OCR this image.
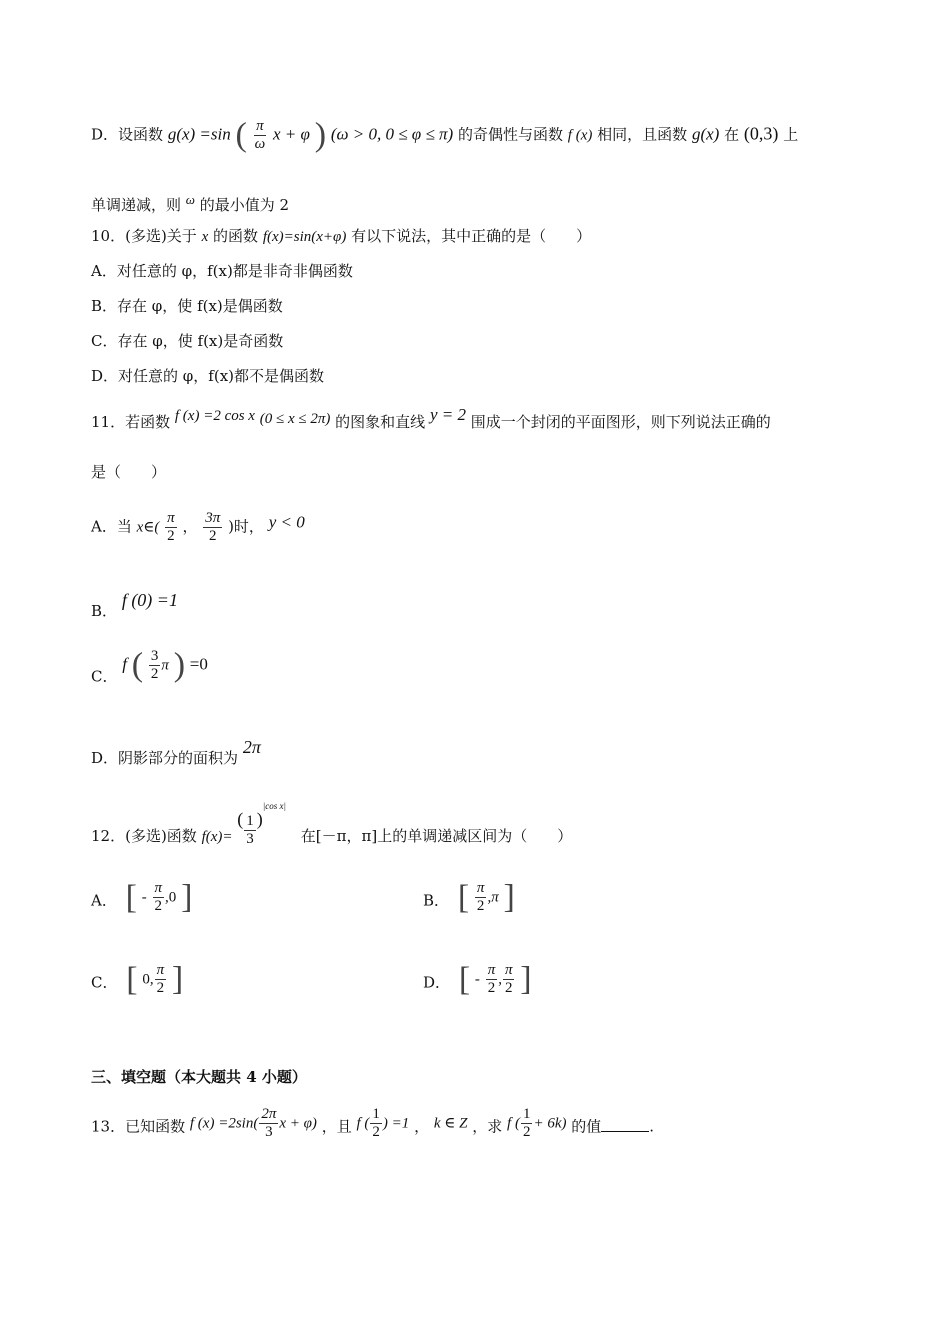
D．设函数 g(x) =sin ( $\frac{\pi}{\omega}$ x + φ ) (ω > 0, 0 ≤ φ ≤ π) 的奇偶性与函数 f (x) 相同，且函数 g(x) 在 (0,3) 上
单调递减，则 ω 的最小值为 2
10．(多选)关于 x 的函数 f(x)=sin(x+φ) 有以下说法，其中正确的是（　　）
A．对任意的 φ，f(x)都是非奇非偶函数
B．存在 φ，使 f(x)是偶函数
C．存在 φ，使 f(x)是奇函数
D．对任意的 φ，f(x)都不是偶函数
11．若函数 f (x) =2 cos x (0 ≤ x ≤ 2π) 的图象和直线 y = 2 围成一个封闭的平面图形，则下列说法正确的
是（　　）
A．当 x∈( $\frac{\pi}{2}$ ， $\frac{3\pi}{2}$ )时， y < 0
B． f (0) =1
C． f ( $\frac{3}{2}$ π ) =0
D．阴影部分的面积为 2π
12．(多选)函数 f(x)= ( $\frac{1}{3} )^{|cos x|}$ 在[－π，π]上的单调递减区间为（　　）
A． [ - $\frac{\pi}{2} ,0$ ]	B． [ $\frac{\pi}{2} ,\pi$ ]
C． [ 0, $\frac{\pi}{2}$ ]	D． [ - $\frac{\pi}{2}$ , $\frac{\pi}{2}$ ]
三、填空题（本大题共 4 小题）
13．已知函数 f $(x) =2\sin( \frac{2\pi}{3}$ x + φ) ，且 f ( $\frac{1}{2}$ ) =1 ， k ∈ Z ，求 f ( $\frac{1}{2} + 6k$) 的值	.
